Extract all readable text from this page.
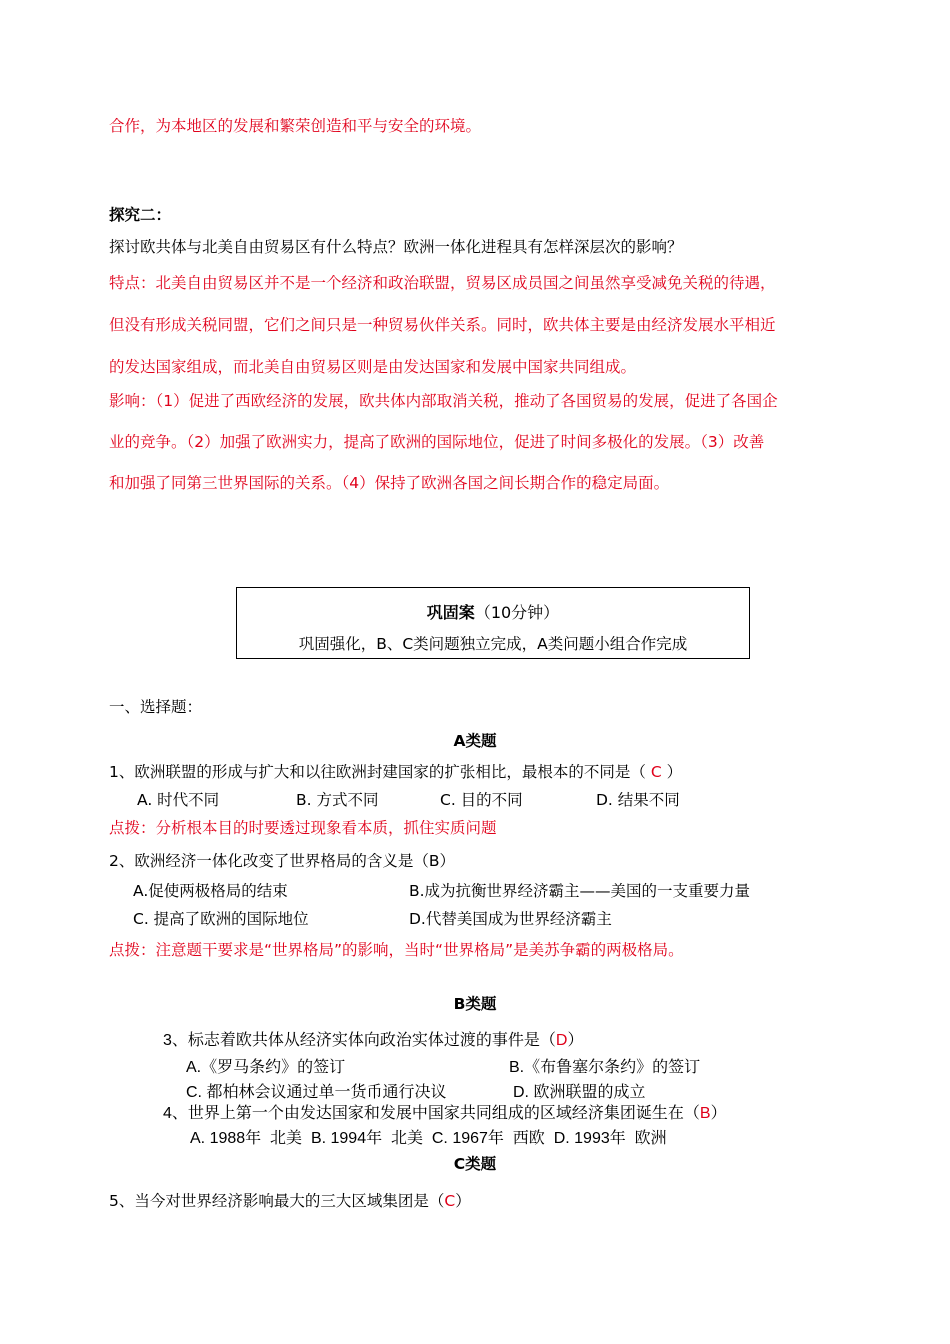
合作，为本地区的发展和繁荣创造和平与安全的环境。
探究二：
探讨欧共体与北美自由贸易区有什么特点？欧洲一体化进程具有怎样深层次的影响？
特点：北美自由贸易区并不是一个经济和政治联盟，贸易区成员国之间虽然享受减免关税的待遇，
但没有形成关税同盟，它们之间只是一种贸易伙伴关系。同时，欧共体主要是由经济发展水平相近
的发达国家组成，而北美自由贸易区则是由发达国家和发展中国家共同组成。
影响：（1）促进了西欧经济的发展，欧共体内部取消关税，推动了各国贸易的发展，促进了各国企
业的竞争。（2）加强了欧洲实力，提高了欧洲的国际地位，促进了时间多极化的发展。（3）改善
和加强了同第三世界国际的关系。（4）保持了欧洲各国之间长期合作的稳定局面。
巩固案（10分钟）
巩固强化，B、C类问题独立完成，A类问题小组合作完成
一、选择题：
A类题
1、欧洲联盟的形成与扩大和以往欧洲封建国家的扩张相比，最根本的不同是（ C ）
A. 时代不同	B. 方式不同	C. 目的不同	D. 结果不同
点拨：分析根本目的时要透过现象看本质，抓住实质问题
2、欧洲经济一体化改变了世界格局的含义是（B）
A.促使两极格局的结束	B.成为抗衡世界经济霸主——美国的一支重要力量
C. 提高了欧洲的国际地位	D.代替美国成为世界经济霸主
点拨：注意题干要求是“世界格局”的影响，当时“世界格局”是美苏争霸的两极格局。
B类题
3、标志着欧共体从经济实体向政治实体过渡的事件是（D）
A.《罗马条约》的签订	B.《布鲁塞尔条约》的签订
C. 都柏林会议通过单一货币通行决议	D. 欧洲联盟的成立
4、世界上第一个由发达国家和发展中国家共同组成的区域经济集团诞生在（B）
A. 1988年  北美  B. 1994年  北美  C. 1967年  西欧  D. 1993年  欧洲
C类题
5、当今对世界经济影响最大的三大区域集团是（C）
